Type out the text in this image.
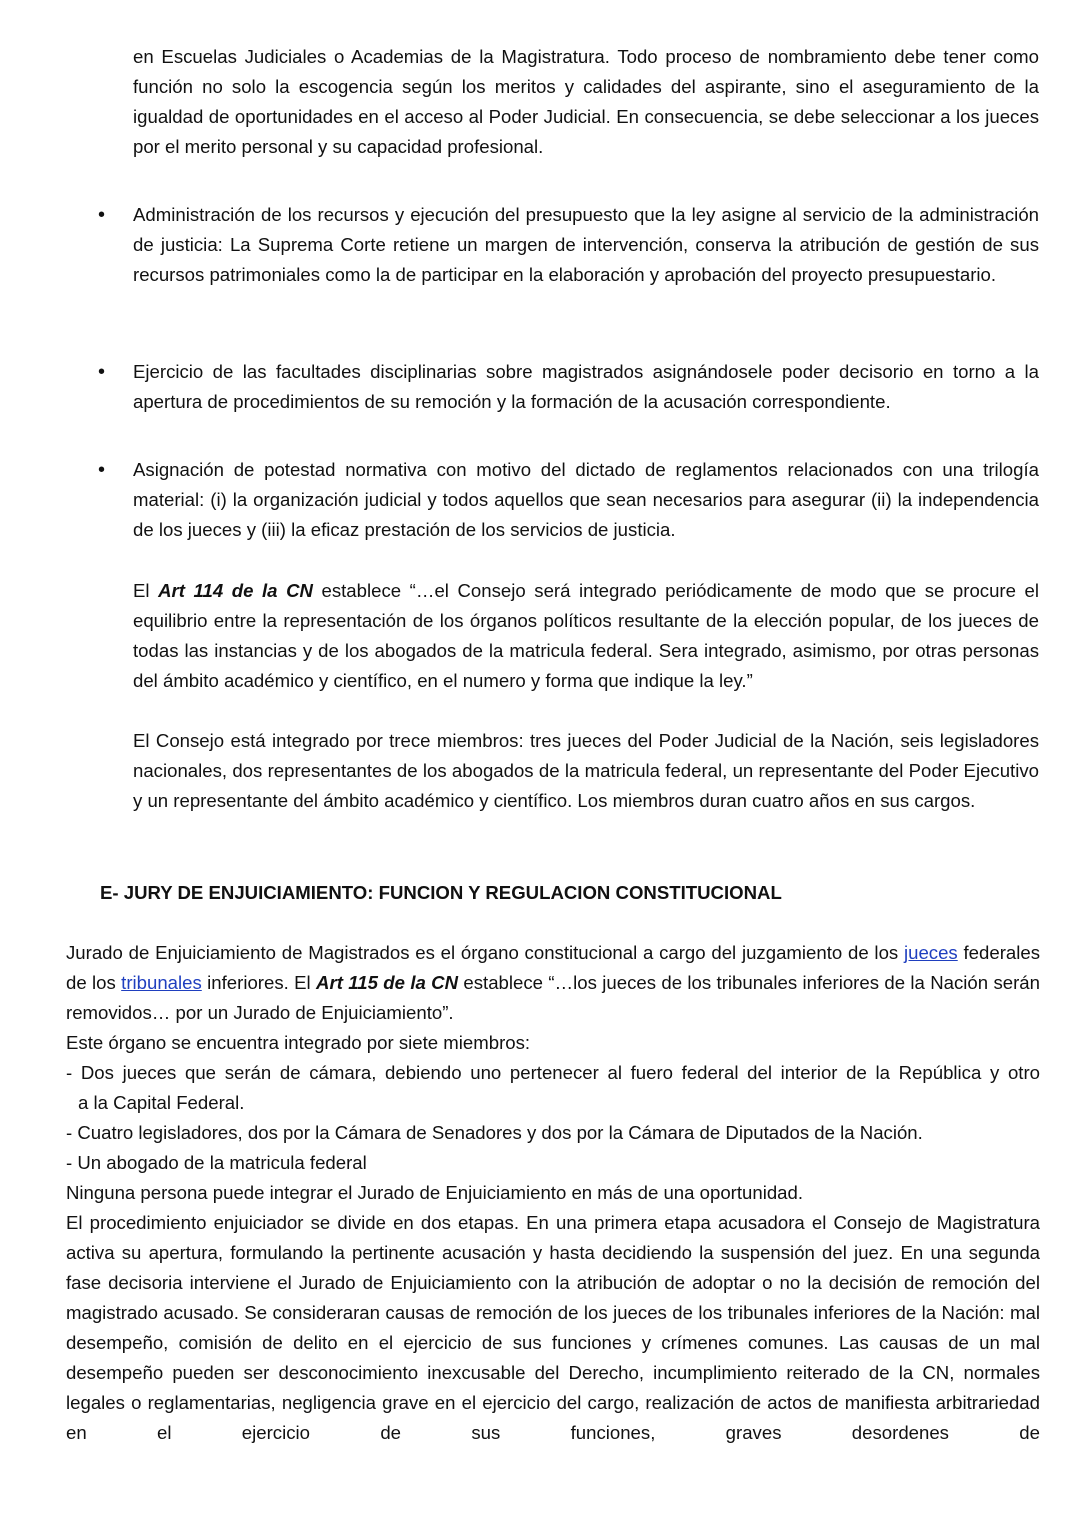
en Escuelas Judiciales o Academias de la Magistratura. Todo proceso de nombramiento debe tener como función no solo la escogencia según los meritos y calidades del aspirante, sino el aseguramiento de la igualdad de oportunidades en el acceso al Poder Judicial. En consecuencia, se debe seleccionar a los jueces por el merito personal y su capacidad profesional.

• Administración de los recursos y ejecución del presupuesto que la ley asigne al servicio de la administración de justicia: La Suprema Corte retiene un margen de intervención, conserva la atribución de gestión de sus recursos patrimoniales como la de participar en la elaboración y aprobación del proyecto presupuestario.

• Ejercicio de las facultades disciplinarias sobre magistrados asignándosele poder decisorio en torno a la apertura de procedimientos de su remoción y la formación de la acusación correspondiente.

• Asignación de potestad normativa con motivo del dictado de reglamentos relacionados con una trilogía material: (i) la organización judicial y todos aquellos que sean necesarios para asegurar (ii) la independencia de los jueces y (iii) la eficaz prestación de los servicios de justicia.

El Art 114 de la CN establece “…el Consejo será integrado periódicamente de modo que se procure el equilibrio entre la representación de los órganos políticos resultante de la elección popular, de los jueces de todas las instancias y de los abogados de la matricula federal. Sera integrado, asimismo, por otras personas del ámbito académico y científico, en el numero y forma que indique la ley.”

El Consejo está integrado por trece miembros: tres jueces del Poder Judicial de la Nación, seis legisladores nacionales, dos representantes de los abogados de la matricula federal, un representante del Poder Ejecutivo y un representante del ámbito académico y científico. Los miembros duran cuatro años en sus cargos.

E- JURY DE ENJUICIAMIENTO: FUNCION Y REGULACION CONSTITUCIONAL

Jurado de Enjuiciamiento de Magistrados es el órgano constitucional a cargo del juzgamiento de los jueces federales de los tribunales inferiores. El Art 115 de la CN establece “…los jueces de los tribunales inferiores de la Nación serán removidos… por un Jurado de Enjuiciamiento”.

Este órgano se encuentra integrado por siete miembros:
- Dos jueces que serán de cámara, debiendo uno pertenecer al fuero federal del interior de la República y otro
a la Capital Federal.
- Cuatro legisladores, dos por la Cámara de Senadores y dos por la Cámara de Diputados de la Nación.
- Un abogado de la matricula federal
Ninguna persona puede integrar el Jurado de Enjuiciamiento en más de una oportunidad.

El procedimiento enjuiciador se divide en dos etapas. En una primera etapa acusadora el Consejo de Magistratura activa su apertura, formulando la pertinente acusación y hasta decidiendo la suspensión del juez. En una segunda fase decisoria interviene el Jurado de Enjuiciamiento con la atribución de adoptar o no la decisión de remoción del magistrado acusado. Se consideraran causas de remoción de los jueces de los tribunales inferiores de la Nación: mal desempeño, comisión de delito en el ejercicio de sus funciones y crímenes comunes. Las causas de un mal desempeño pueden ser desconocimiento inexcusable del Derecho, incumplimiento reiterado de la CN, normales legales o reglamentarias, negligencia grave en el ejercicio del cargo, realización de actos de manifiesta arbitrariedad en el ejercicio de sus funciones, graves desordenes de
